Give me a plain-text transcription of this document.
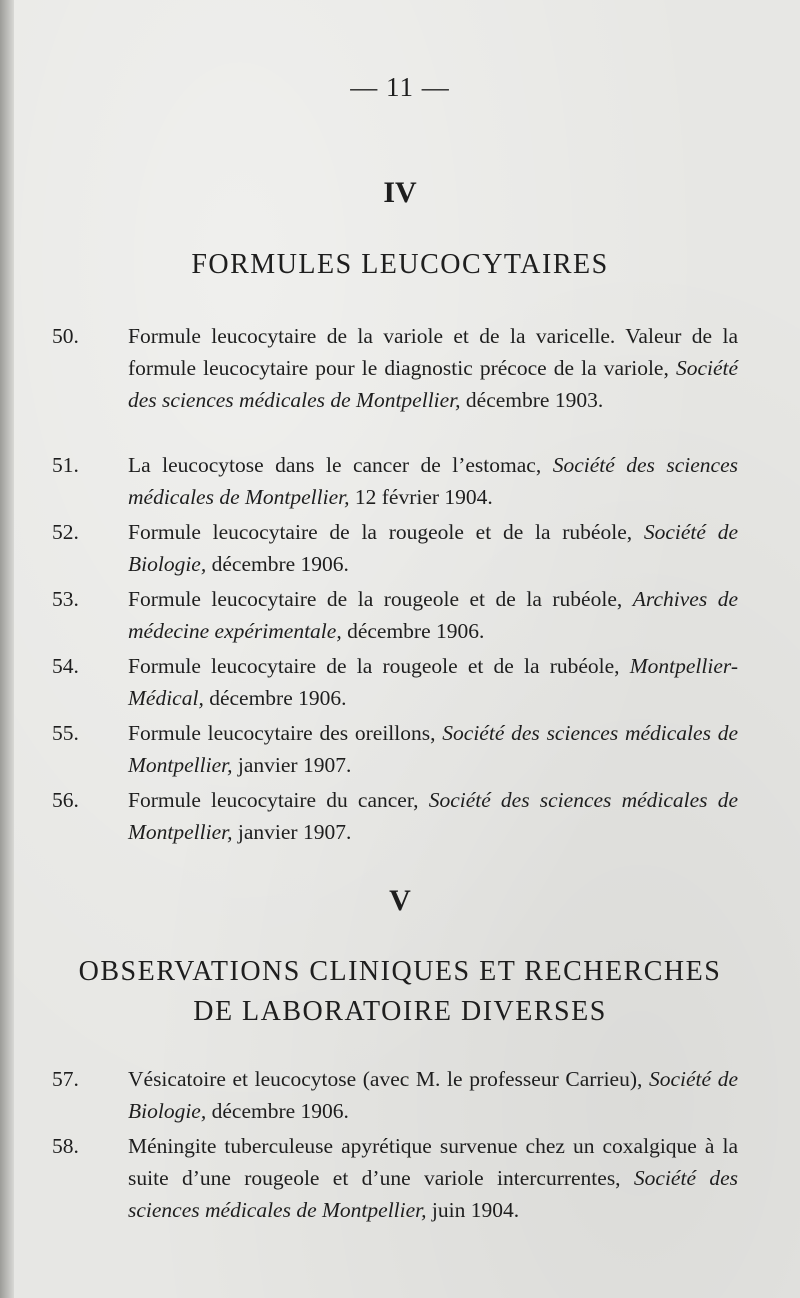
— 11 —
IV
FORMULES LEUCOCYTAIRES
50. Formule leucocytaire de la variole et de la varicelle. Valeur de la formule leucocytaire pour le diagnostic précoce de la variole, Société des sciences médicales de Montpellier, décembre 1903.
51. La leucocytose dans le cancer de l’estomac, Société des sciences médicales de Montpellier, 12 février 1904.
52. Formule leucocytaire de la rougeole et de la rubéole, Société de Biologie, décembre 1906.
53. Formule leucocytaire de la rougeole et de la rubéole, Archives de médecine expérimentale, décembre 1906.
54. Formule leucocytaire de la rougeole et de la rubéole, Montpellier-Médical, décembre 1906.
55. Formule leucocytaire des oreillons, Société des sciences médicales de Montpellier, janvier 1907.
56. Formule leucocytaire du cancer, Société des sciences médicales de Montpellier, janvier 1907.
V
OBSERVATIONS CLINIQUES ET RECHERCHES
DE LABORATOIRE DIVERSES
57. Vésicatoire et leucocytose (avec M. le professeur Carrieu), Société de Biologie, décembre 1906.
58. Méningite tuberculeuse apyrétique survenue chez un coxalgique à la suite d’une rougeole et d’une variole intercurrentes, Société des sciences médicales de Montpellier, juin 1904.
